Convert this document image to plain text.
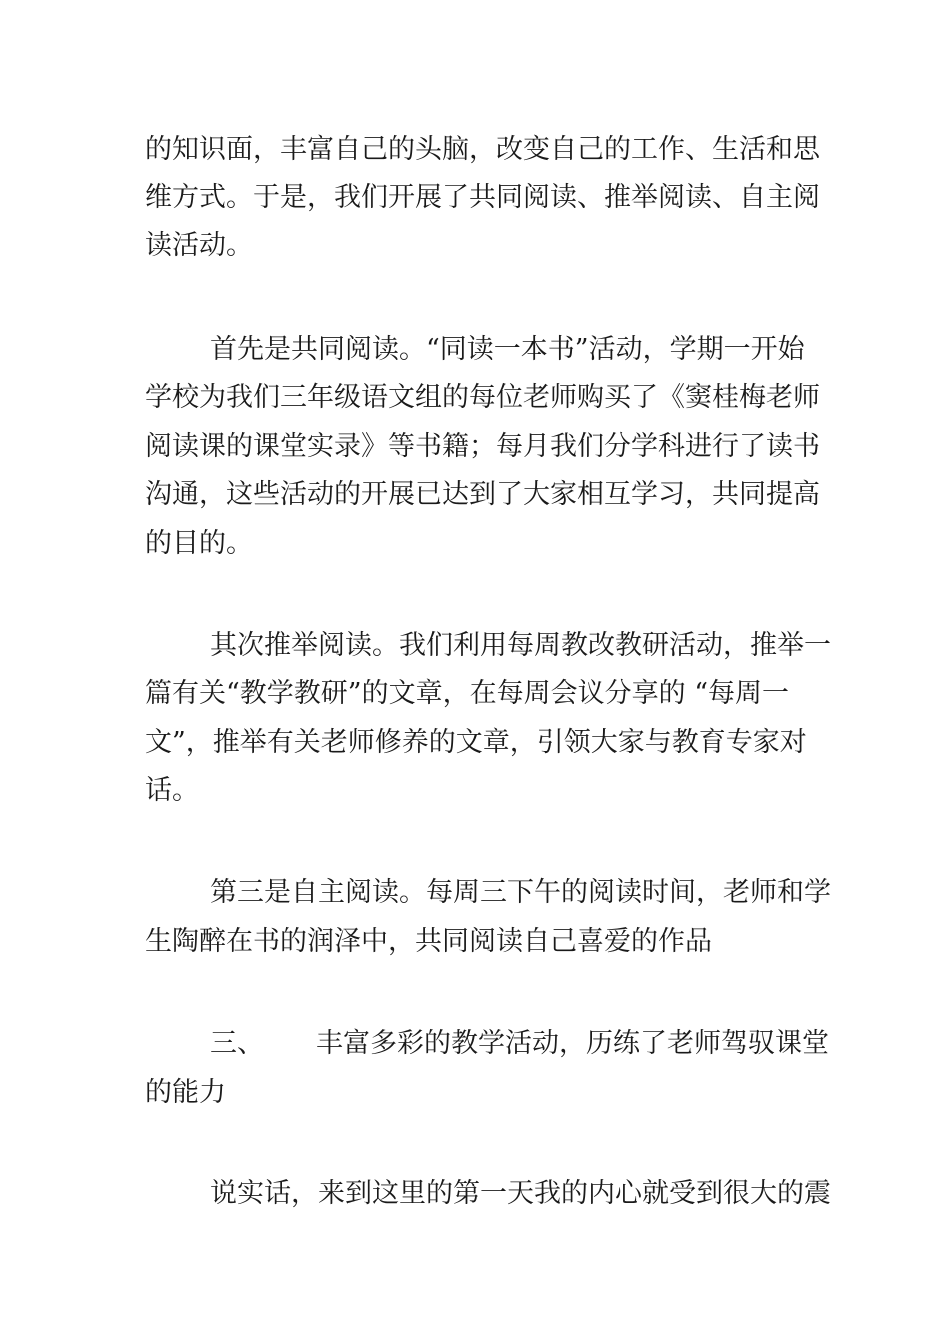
的知识面，丰富自己的头脑，改变自己的工作、生活和思
维方式。于是，我们开展了共同阅读、推举阅读、自主阅
读活动。
首先是共同阅读。“同读一本书”活动，学期一开始
学校为我们三年级语文组的每位老师购买了《窦桂梅老师
阅读课的课堂实录》等书籍；每月我们分学科进行了读书
沟通，这些活动的开展已达到了大家相互学习，共同提高
的目的。
其次推举阅读。我们利用每周教改教研活动，推举一
篇有关“教学教研”的文章，在每周会议分享的 “每周一
文”，推举有关老师修养的文章，引领大家与教育专家对
话。
第三是自主阅读。每周三下午的阅读时间，老师和学
生陶醉在书的润泽中，共同阅读自己喜爱的作品
三、 丰富多彩的教学活动，历练了老师驾驭课堂
的能力
说实话，来到这里的第一天我的内心就受到很大的震
